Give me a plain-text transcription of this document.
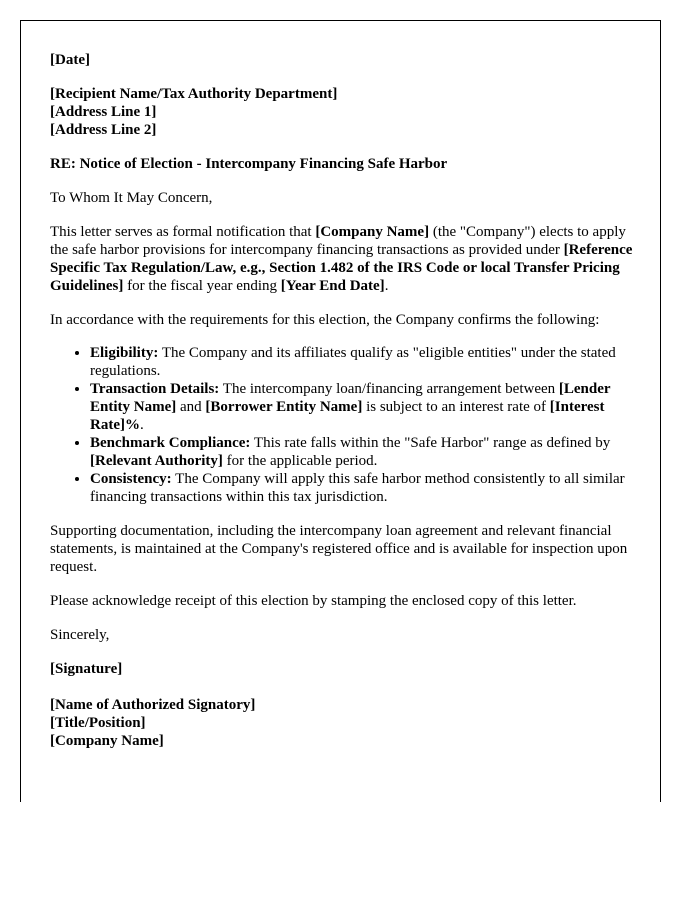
[Date]

[Recipient Name/Tax Authority Department]
[Address Line 1]
[Address Line 2]

RE: Notice of Election - Intercompany Financing Safe Harbor

To Whom It May Concern,

This letter serves as formal notification that [Company Name] (the "Company") elects to apply the safe harbor provisions for intercompany financing transactions as provided under [Reference Specific Tax Regulation/Law, e.g., Section 1.482 of the IRS Code or local Transfer Pricing Guidelines] for the fiscal year ending [Year End Date].

In accordance with the requirements for this election, the Company confirms the following:

• Eligibility: The Company and its affiliates qualify as "eligible entities" under the stated regulations.
• Transaction Details: The intercompany loan/financing arrangement between [Lender Entity Name] and [Borrower Entity Name] is subject to an interest rate of [Interest Rate]%.
• Benchmark Compliance: This rate falls within the "Safe Harbor" range as defined by [Relevant Authority] for the applicable period.
• Consistency: The Company will apply this safe harbor method consistently to all similar financing transactions within this tax jurisdiction.

Supporting documentation, including the intercompany loan agreement and relevant financial statements, is maintained at the Company's registered office and is available for inspection upon request.

Please acknowledge receipt of this election by stamping the enclosed copy of this letter.

Sincerely,

[Signature]

[Name of Authorized Signatory]
[Title/Position]
[Company Name]
